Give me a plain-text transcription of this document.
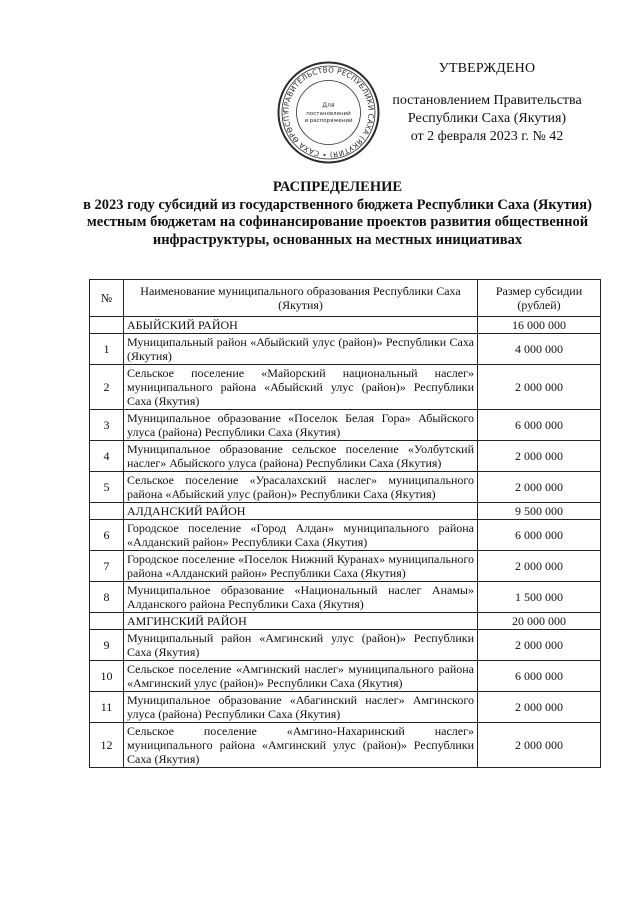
ПРАВИТЕЛЬСТВО РЕСПУБЛИКИ САХА (ЯКУТИЯ) • САХА ӨРӨСПҮ
Для
постановлений
и распоряжений
УТВЕРЖДЕНО
постановлением Правительства
Республики Саха (Якутия)
от 2 февраля 2023 г. № 42
РАСПРЕДЕЛЕНИЕ
в 2023 году субсидий из государственного бюджета Республики Саха (Якутия) местным бюджетам на софинансирование проектов развития общественной инфраструктуры, основанных на местных инициативах
№	Наименование муниципального образования Республики Саха (Якутия)	Размер субсидии (рублей)
	АБЫЙСКИЙ РАЙОН	16 000 000
1	Муниципальный район «Абыйский улус (район)» Республики Саха (Якутия)	4 000 000
2	Сельское поселение «Майорский национальный наслег» муниципального района «Абыйский улус (район)» Республики Саха (Якутия)	2 000 000
3	Муниципальное образование «Поселок Белая Гора» Абыйского улуса (района) Республики Саха (Якутия)	6 000 000
4	Муниципальное образование сельское поселение «Уолбутский наслег» Абыйского улуса (района) Республики Саха (Якутия)	2 000 000
5	Сельское поселение «Урасалахский наслег» муниципального района «Абыйский улус (район)» Республики Саха (Якутия)	2 000 000
	АЛДАНСКИЙ РАЙОН	9 500 000
6	Городское поселение «Город Алдан» муниципального района «Алданский район» Республики Саха (Якутия)	6 000 000
7	Городское поселение «Поселок Нижний Куранах» муниципального района «Алданский район» Республики Саха (Якутия)	2 000 000
8	Муниципальное образование «Национальный наслег Анамы» Алданского района Республики Саха (Якутия)	1 500 000
	АМГИНСКИЙ РАЙОН	20 000 000
9	Муниципальный район «Амгинский улус (район)» Республики Саха (Якутия)	2 000 000
10	Сельское поселение «Амгинский наслег» муниципального района «Амгинский улус (район)» Республики Саха (Якутия)	6 000 000
11	Муниципальное образование «Абагинский наслег» Амгинского улуса (района) Республики Саха (Якутия)	2 000 000
12	Сельское поселение «Амгино-Нахаринский наслег» муниципального района «Амгинский улус (район)» Республики Саха (Якутия)	2 000 000
